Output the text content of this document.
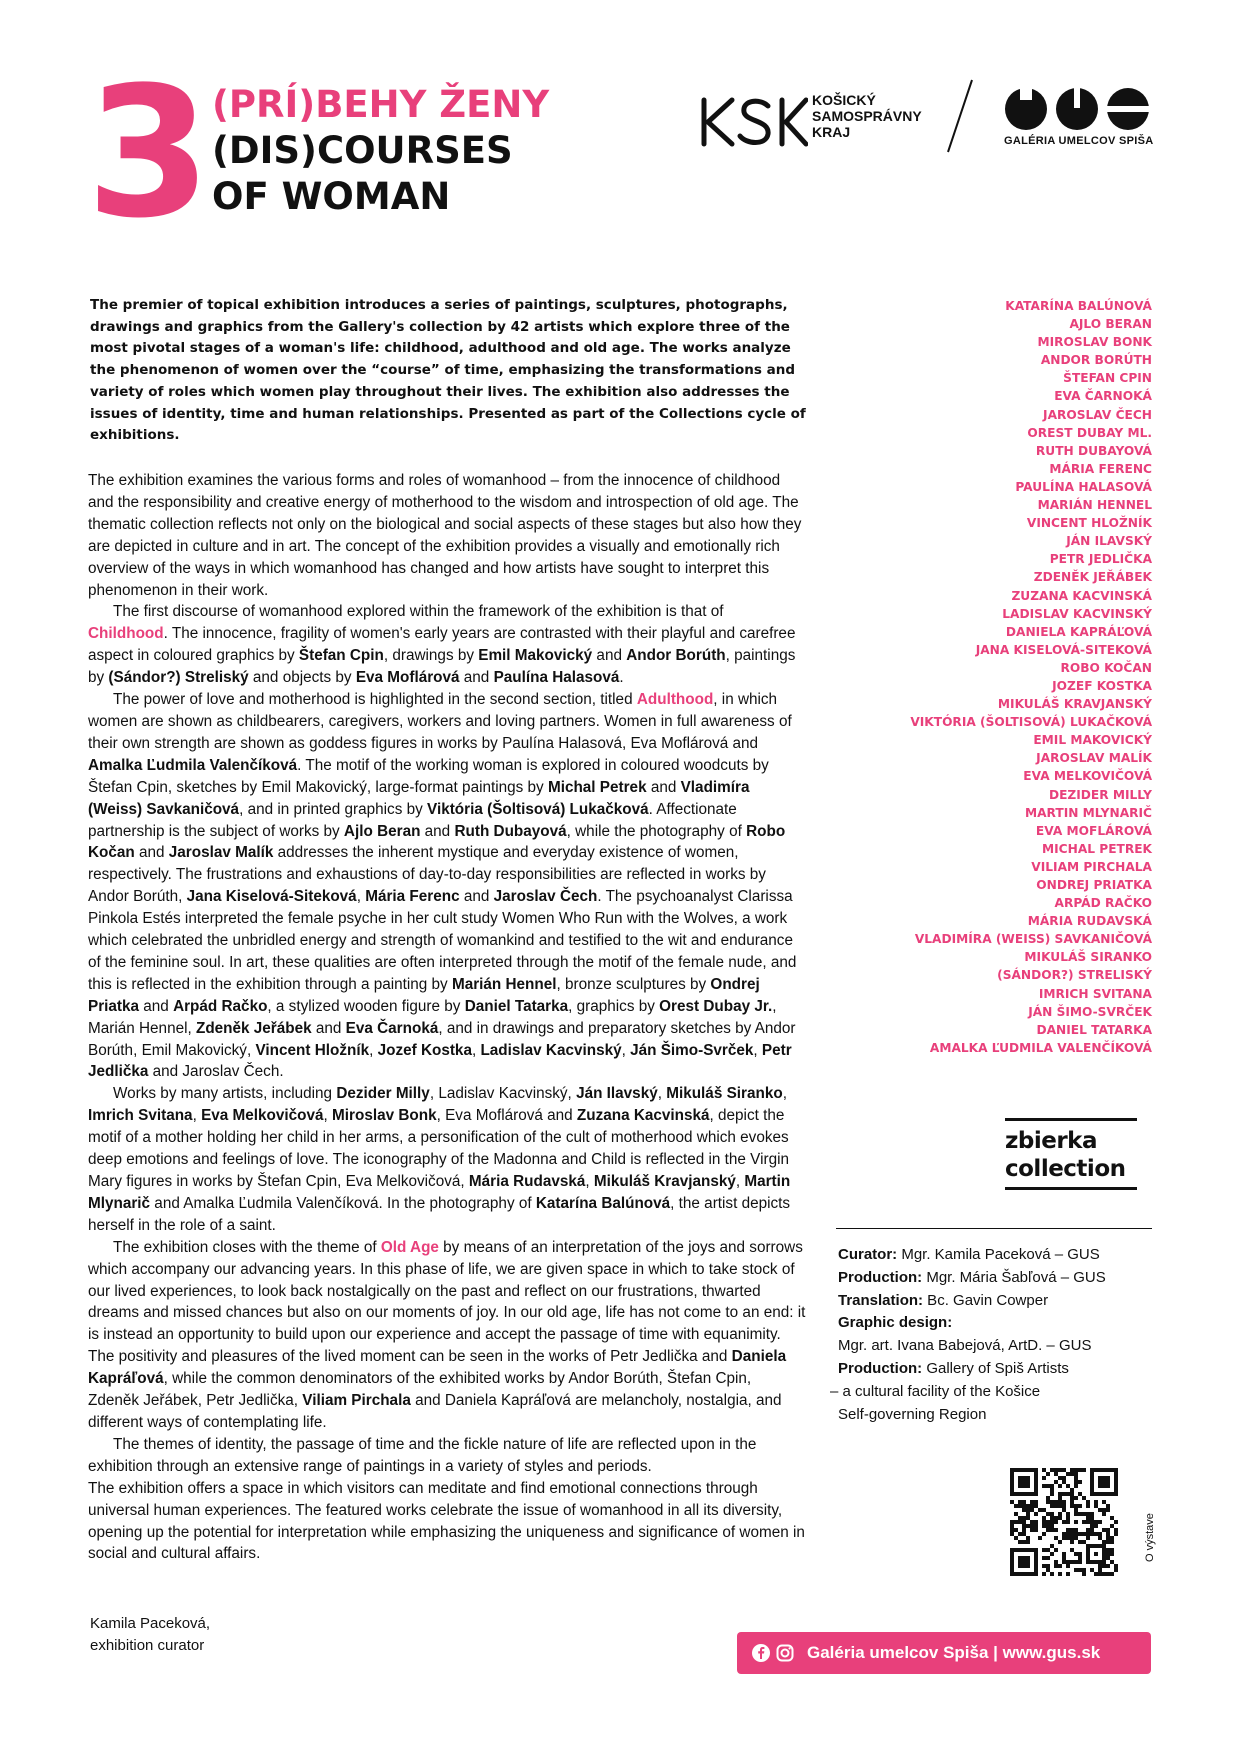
3 (PRÍ)BEHY ŽENY
(DIS)COURSES
OF WOMAN
KOŠICKÝ
SAMOSPRÁVNY
KRAJ
GALÉRIA UMELCOV SPIŠA
The premier of topical exhibition introduces a series of paintings, sculptures, photographs, drawings and graphics from the Gallery's collection by 42 artists which explore three of the most pivotal stages of a woman's life: childhood, adulthood and old age. The works analyze the phenomenon of women over the “course” of time, emphasizing the transformations and variety of roles which women play throughout their lives. The exhibition also addresses the issues of identity, time and human relationships. Presented as part of the Collections cycle of exhibitions.

The exhibition examines the various forms and roles of womanhood – from the innocence of childhood and the responsibility and creative energy of motherhood to the wisdom and introspection of old age. The thematic collection reflects not only on the biological and social aspects of these stages but also how they are depicted in culture and in art. The concept of the exhibition provides a visually and emotionally rich overview of the ways in which womanhood has changed and how artists have sought to interpret this phenomenon in their work.

The first discourse of womanhood explored within the framework of the exhibition is that of Childhood. The innocence, fragility of women's early years are contrasted with their playful and carefree aspect in coloured graphics by Štefan Cpin, drawings by Emil Makovický and Andor Borúth, paintings by (Sándor?) Streliský and objects by Eva Moflárová and Paulína Halasová.

The power of love and motherhood is highlighted in the second section, titled Adulthood, in which women are shown as childbearers, caregivers, workers and loving partners. Women in full awareness of their own strength are shown as goddess figures in works by Paulína Halasová, Eva Moflárová and Amalka Ľudmila Valenčíková. The motif of the working woman is explored in coloured woodcuts by Štefan Cpin, sketches by Emil Makovický, large-format paintings by Michal Petrek and Vladimíra (Weiss) Savkaničová, and in printed graphics by Viktória (Šoltisová) Lukačková. Affectionate partnership is the subject of works by Ajlo Beran and Ruth Dubayová, while the photography of Robo Kočan and Jaroslav Malík addresses the inherent mystique and everyday existence of women, respectively. The frustrations and exhaustions of day-to-day responsibilities are reflected in works by Andor Borúth, Jana Kiselová-Siteková, Mária Ferenc and Jaroslav Čech. The psychoanalyst Clarissa Pinkola Estés interpreted the female psyche in her cult study Women Who Run with the Wolves, a work which celebrated the unbridled energy and strength of womankind and testified to the wit and endurance of the feminine soul. In art, these qualities are often interpreted through the motif of the female nude, and this is reflected in the exhibition through a painting by Marián Hennel, bronze sculptures by Ondrej Priatka and Arpád Račko, a stylized wooden figure by Daniel Tatarka, graphics by Orest Dubay Jr., Marián Hennel, Zdeněk Jeřábek and Eva Čarnoká, and in drawings and preparatory sketches by Andor Borúth, Emil Makovický, Vincent Hložník, Jozef Kostka, Ladislav Kacvinský, Ján Šimo-Svrček, Petr Jedlička and Jaroslav Čech.

Works by many artists, including Dezider Milly, Ladislav Kacvinský, Ján Ilavský, Mikuláš Siranko, Imrich Svitana, Eva Melkovičová, Miroslav Bonk, Eva Moflárová and Zuzana Kacvinská, depict the motif of a mother holding her child in her arms, a personification of the cult of motherhood which evokes deep emotions and feelings of love. The iconography of the Madonna and Child is reflected in the Virgin Mary figures in works by Štefan Cpin, Eva Melkovičová, Mária Rudavská, Mikuláš Kravjanský, Martin Mlynarič and Amalka Ľudmila Valenčíková. In the photography of Katarína Balúnová, the artist depicts herself in the role of a saint.

The exhibition closes with the theme of Old Age by means of an interpretation of the joys and sorrows which accompany our advancing years. In this phase of life, we are given space in which to take stock of our lived experiences, to look back nostalgically on the past and reflect on our frustrations, thwarted dreams and missed chances but also on our moments of joy. In our old age, life has not come to an end: it is instead an opportunity to build upon our experience and accept the passage of time with equanimity. The positivity and pleasures of the lived moment can be seen in the works of Petr Jedlička and Daniela Kapráľová, while the common denominators of the exhibited works by Andor Borúth, Štefan Cpin, Zdeněk Jeřábek, Petr Jedlička, Viliam Pirchala and Daniela Kapráľová are melancholy, nostalgia, and different ways of contemplating life.

The themes of identity, the passage of time and the fickle nature of life are reflected upon in the exhibition through an extensive range of paintings in a variety of styles and periods.

The exhibition offers a space in which visitors can meditate and find emotional connections through universal human experiences. The featured works celebrate the issue of womanhood in all its diversity, opening up the potential for interpretation while emphasizing the uniqueness and significance of women in social and cultural affairs.

Kamila Paceková,
exhibition curator
KATARÍNA BALÚNOVÁ
AJLO BERAN
MIROSLAV BONK
ANDOR BORÚTH
ŠTEFAN CPIN
EVA ČARNOKÁ
JAROSLAV ČECH
OREST DUBAY ML.
RUTH DUBAYOVÁ
MÁRIA FERENC
PAULÍNA HALASOVÁ
MARIÁN HENNEL
VINCENT HLOŽNÍK
JÁN ILAVSKÝ
PETR JEDLIČKA
ZDENĚK JEŘÁBEK
ZUZANA KACVINSKÁ
LADISLAV KACVINSKÝ
DANIELA KAPRÁĽOVÁ
JANA KISELOVÁ-SITEKOVÁ
ROBO KOČAN
JOZEF KOSTKA
MIKULÁŠ KRAVJANSKÝ
VIKTÓRIA (ŠOLTISOVÁ) LUKAČKOVÁ
EMIL MAKOVICKÝ
JAROSLAV MALÍK
EVA MELKOVIČOVÁ
DEZIDER MILLY
MARTIN MLYNARIČ
EVA MOFLÁROVÁ
MICHAL PETREK
VILIAM PIRCHALA
ONDREJ PRIATKA
ARPÁD RAČKO
MÁRIA RUDAVSKÁ
VLADIMÍRA (WEISS) SAVKANIČOVÁ
MIKULÁŠ SIRANKO
(SÁNDOR?) STRELISKÝ
IMRICH SVITANA
JÁN ŠIMO-SVRČEK
DANIEL TATARKA
AMALKA ĽUDMILA VALENČÍKOVÁ
zbierka
collection
Curator: Mgr. Kamila Paceková – GUS
Production: Mgr. Mária Šabľová – GUS
Translation: Bc. Gavin Cowper
Graphic design:
Mgr. art. Ivana Babejová, ArtD. – GUS
Production: Gallery of Spiš Artists
– a cultural facility of the Košice
Self-governing Region
O výstave
Galéria umelcov Spiša | www.gus.sk
